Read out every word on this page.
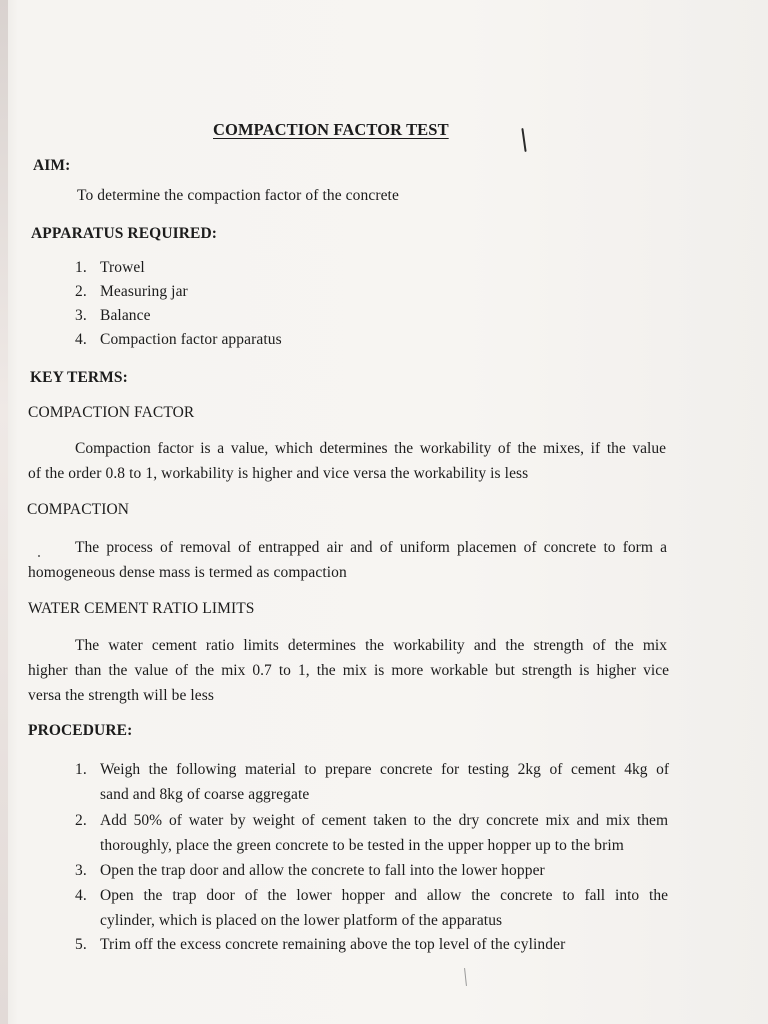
COMPACTION FACTOR TEST
AIM:
To determine the compaction factor of the concrete
APPARATUS REQUIRED:
1. Trowel
2. Measuring jar
3. Balance
4. Compaction factor apparatus
KEY TERMS:
COMPACTION FACTOR
Compaction factor is a value, which determines the workability of the mixes, if the value
of the order 0.8 to 1, workability is higher and vice versa the workability is less
COMPACTION
The process of removal of entrapped air and of uniform placemen of concrete to form a
homogeneous dense mass is termed as compaction
WATER CEMENT RATIO LIMITS
The water cement ratio limits determines the workability and the strength of the mix
higher than the value of the mix 0.7 to 1, the mix is more workable but strength is higher vice
versa the strength will be less
PROCEDURE:
1. Weigh the following material to prepare concrete for testing 2kg of cement 4kg of
sand and 8kg of coarse aggregate
2. Add 50% of water by weight of cement taken to the dry concrete mix and mix them
thoroughly, place the green concrete to be tested in the upper hopper up to the brim
3. Open the trap door and allow the concrete to fall into the lower hopper
4. Open the trap door of the lower hopper and allow the concrete to fall into the
cylinder, which is placed on the lower platform of the apparatus
5. Trim off the excess concrete remaining above the top level of the cylinder
